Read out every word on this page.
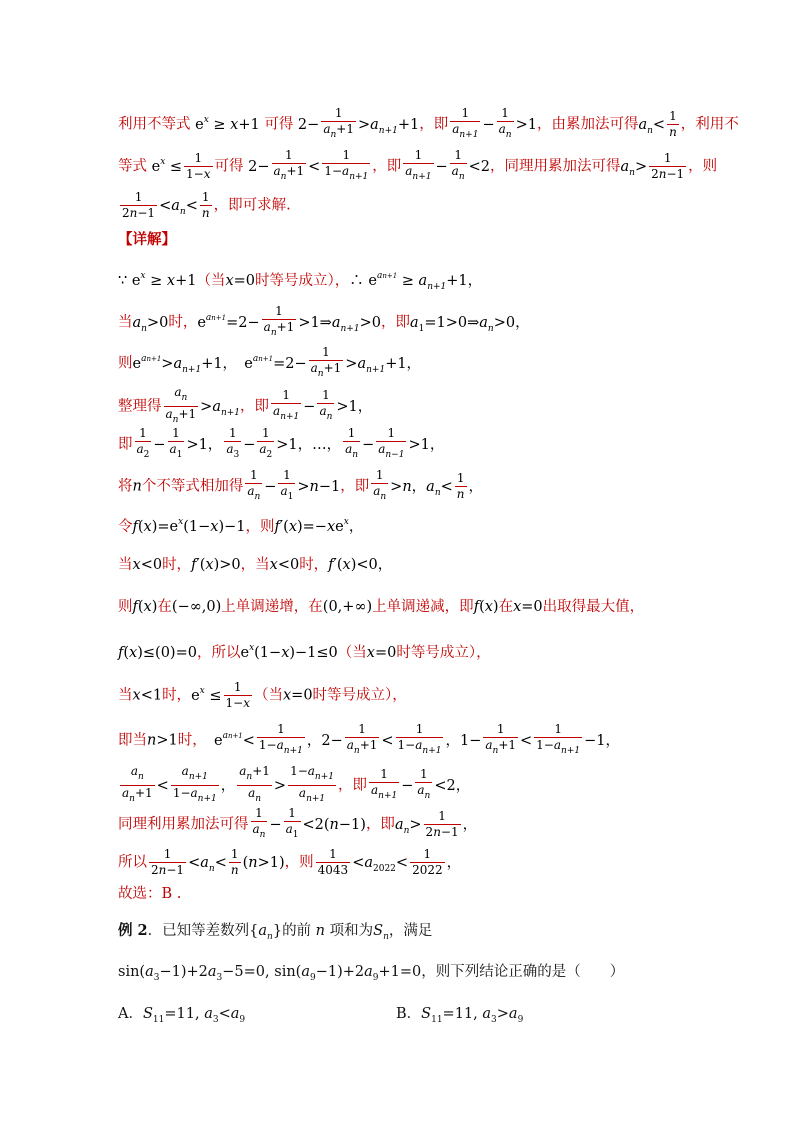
利用不等式 $e^x \ge x+1$ 可得 $2- \frac{1}{a_n+1} >a_{n+1}+1$，即 $\frac{1}{a_{n+1}} - \frac{1}{a_n} >1$，由累加法可得$a_n< \frac{1}{n}$ ，利用不
等式 $e^x \le \frac{1}{1-x}$ 可得 $2- \frac{1}{a_n+1} < \frac{1}{1-a_{n+1}}$ ，即 $\frac{1}{a_{n+1}} - \frac{1}{a_n} <2$，同理用累加法可得$a_n> \frac{1}{2n-1}$ ，则
$\frac{1}{2n-1} <a_n< \frac{1}{n}$ ，即可求解.
【详解】
∵ $e^x \ge x+1$（当x=0时等号成立），∴ $e^{an+1} \ge a_{n+1}+1$，
当$a_n>0$时，$e^{an+1}=2- \frac{1}{a_n+1}$ $>1\Rightarrow a_{n+1}>0$，即$a_1=1>0\Rightarrow a_n>0$，
则$e^{an+1}>a_{n+1}+1$，　$e^{an+1}=2- \frac{1}{a_n+1} >a_{n+1}+1$，
整理得 $\frac{a_n}{a_n+1} >a_{n+1}$，即 $\frac{1}{a_{n+1}} - \frac{1}{a_n} >1$，
即 $\frac{1}{a_2} - \frac{1}{a_1} >1$， $\frac{1}{a_3} - \frac{1}{a_2} >1$，…， $\frac{1}{a_n} - \frac{1}{a_{n-1}} >1$，
将n个不等式相加得 $\frac{1}{a_n} - \frac{1}{a_1} >n-1$，即 $\frac{1}{a_n} >n$，$a_n< \frac{1}{n}$ ，
令$f(x)=e^x(1-x)-1$，则$f'(x)=-xe^x$，
当x<0时，f′(x)>0，当x<0时，f′(x)<0，
则f(x)在(−∞,0)上单调递增，在(0,+∞)上单调递减，即f(x)在x=0出取得最大值，
f(x)≤(0)=0，所以$e^x(1-x)-1\le 0$（当x=0时等号成立），
当x<1时，$e^x \le \frac{1}{1-x}$ （当x=0时等号成立），
即当n>1时，　$e^{an+1}< \frac{1}{1-a_{n+1}}$ ，$2- \frac{1}{a_n+1} < \frac{1}{1-a_{n+1}}$ ，$1- \frac{1}{a_n+1} < \frac{1}{1-a_{n+1}} -1$，
$\frac{a_n}{a_n+1} < \frac{a_{n+1}}{1-a_{n+1}}$ ， $\frac{a_n+1}{a_n} > \frac{1-a_{n+1}}{a_{n+1}}$ ，即 $\frac{1}{a_{n+1}} - \frac{1}{a_n} <2$，
同理利用累加法可得 $\frac{1}{a_n} - \frac{1}{a_1} <2(n-1)$，即$a_n> \frac{1}{2n-1}$ ，
所以 $\frac{1}{2n-1} <a_n< \frac{1}{n} (n>1)$，则 $\frac{1}{4043} <a_{2022}< \frac{1}{2022}$ ，
故选：B .
例 2．已知等差数列$\{a_n\}$的前 n 项和为$S_n$，满足
$\sin(a_3-1)+2a_3-5=0$, $\sin(a_9-1)+2a_9+1=0$，则下列结论正确的是（　　）
A．$S_{11}=11$, $a_3<a_9$	B．$S_{11}=11$, $a_3>a_9$
